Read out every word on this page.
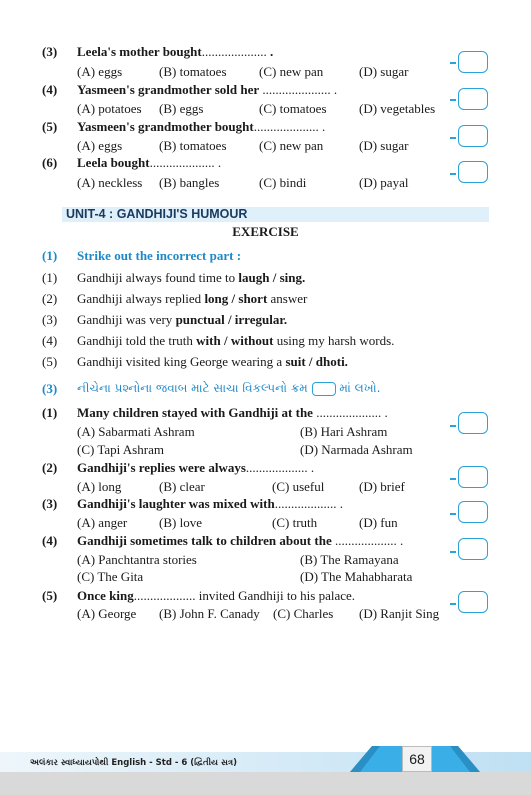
(3) Leela's mother bought.................... .
(A) eggs	(B) tomatoes (C) new pan	(D) sugar
(4) Yasmeen's grandmother sold her ..................... .
(A) potatoes (B) eggs	(C) tomatoes (D) vegetables
(5) Yasmeen's grandmother bought.................... .
(A) eggs	(B) tomatoes (C) new pan	(D) sugar
(6) Leela bought.................... .
(A) neckless (B) bangles	(C) bindi	(D) payal
UNIT-4 : GANDHIJI'S HUMOUR
EXERCISE
(1) Strike out the incorrect part :
(1) Gandhiji always found time to laugh / sing.
(2) Gandhiji always replied long / short answer
(3) Gandhiji was very punctual / irregular.
(4) Gandhiji told the truth with / without using my harsh words.
(5) Gandhiji visited king George wearing a suit / dhoti.
(3) નીચેના પ્રશ્નોના જવાબ માટે સાચા વિકલ્પનો ક્રમ	માં લખો.
(1) Many children stayed with Gandhiji at the .................... .
(A) Sabarmati Ashram	(B) Hari Ashram
(C) Tapi Ashram	(D) Narmada Ashram
(2) Gandhiji's replies were always................... .
(A) long	(B) clear	(C) useful	(D) brief
(3) Gandhiji's laughter was mixed with................... .
(A) anger (B) love	(C) truth	(D) fun
(4) Gandhiji sometimes talk to children about the ................... .
(A) Panchtantra stories	(B) The Ramayana
(C) The Gita	(D) The Mahabharata
(5) Once king................... invited Gandhiji to his palace.
(A) George (B) John F. Canady (C) Charles (D) Ranjit Sing
68
અલંકાર સ્વાધ્યાયપોથી English - Std - 6 (દ્વિતીય સત્ર)
